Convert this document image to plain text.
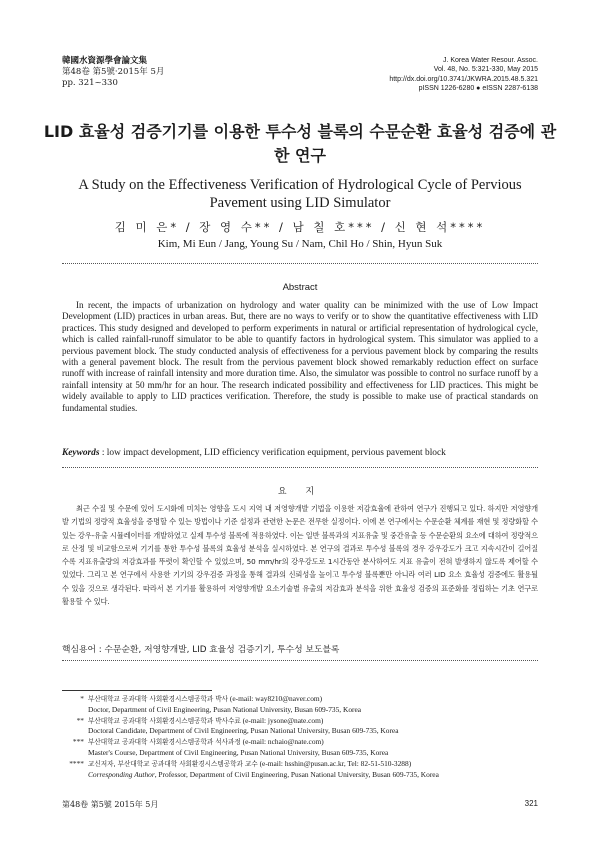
韓國水資源學會論文集
第48卷 第5號·2015年 5月
pp. 321~330
J. Korea Water Resour. Assoc.
Vol. 48, No. 5:321-330, May 2015
http://dx.doi.org/10.3741/JKWRA.2015.48.5.321
pISSN 1226-6280 ● eISSN 2287-6138
LID 효율성 검증기기를 이용한 투수성 블록의 수문순환 효율성 검증에 관한 연구
A Study on the Effectiveness Verification of Hydrological Cycle of Pervious Pavement using LID Simulator
김 미 은* / 장 영 수** / 남 칠 호*** / 신 현 석****
Kim, Mi Eun / Jang, Young Su / Nam, Chil Ho / Shin, Hyun Suk
Abstract

In recent, the impacts of urbanization on hydrology and water quality can be minimized with the use of Low Impact Development (LID) practices in urban areas. But, there are no ways to verify or to show the quantitative effectiveness with LID practices. This study designed and developed to perform experiments in natural or artificial representation of hydrological cycle, which is called rainfall-runoff simulator to be able to quantify factors in hydrological system. This simulator was applied to a pervious pavement block. The study conducted analysis of effectiveness for a pervious pavement block by comparing the results with a general pavement block. The result from the pervious pavement block showed remarkably reduction effect on surface runoff with increase of rainfall intensity and more duration time. Also, the simulator was possible to control no surface runoff by a rainfall intensity at 50 mm/hr for an hour. The research indicated possibility and effectiveness for LID practices. This might be widely available to apply to LID practices verification. Therefore, the study is possible to make use of practical standards on fundamental studies.

Keywords : low impact development, LID efficiency verification equipment, pervious pavement block
요 지

최근 수질 및 수문에 있어 도시화에 미치는 영향을 도시 지역 내 저영향개발 기법을 이용한 저감효율에 관하여 연구가 진행되고 있다. 하지만 저영향개발 기법의 정량적 효율성을 증명할 수 있는 방법이나 기준 설정과 관련한 논문은 전무한 실정이다. 이에 본 연구에서는 수문순환 체계를 재현 및 정량화할 수 있는 강우-유출 시뮬레이터를 개발하였고 실제 투수성 블록에 적용하였다. 이는 일반 블록과의 지표유출 및 중간유출 등 수문순환의 요소에 대하여 정량적으로 산정 및 비교함으로써 기기를 통한 투수성 블록의 효율성 분석을 실시하였다. 본 연구의 결과로 투수성 블록의 경우 강우강도가 크고 지속시간이 길어질수록 지표유출량의 저감효과를 뚜렷이 확인할 수 있었으며, 50 mm/hr의 강우강도로 1시간동안 분사하여도 지표 유출이 전혀 발생하지 않도록 제어할 수 있었다. 그리고 본 연구에서 사용한 기기의 강우검증 과정을 통해 결과의 신뢰성을 높이고 투수성 블록뿐만 아니라 여러 LID 요소 효율성 검증에도 활용될 수 있을 것으로 생각된다. 따라서 본 기기를 활용하여 저영향개발 요소기술별 유출의 저감효과 분석을 위한 효율성 검증의 표준화를 정립하는 기초 연구로 활용할 수 있다.

핵심용어 : 수문순환, 저영향개발, LID 효율성 검증기기, 투수성 보도블록
* 부산대학교 공과대학 사회환경시스템공학과 박사 (e-mail: way8210@naver.com)
Doctor, Department of Civil Engineering, Pusan National University, Busan 609-735, Korea
** 부산대학교 공과대학 사회환경시스템공학과 박사수료 (e-mail: jysone@nate.com)
Doctoral Candidate, Department of Civil Engineering, Pusan National University, Busan 609-735, Korea
*** 부산대학교 공과대학 사회환경시스템공학과 석사과정 (e-mail: nchaio@nate.com)
Master's Course, Department of Civil Engineering, Pusan National University, Busan 609-735, Korea
**** 교신저자, 부산대학교 공과대학 사회환경시스템공학과 교수 (e-mail: hsshin@pusan.ac.kr, Tel: 82-51-510-3288)
Corresponding Author, Professor, Department of Civil Engineering, Pusan National University, Busan 609-735, Korea
第48卷 第5號 2015年 5月	321
